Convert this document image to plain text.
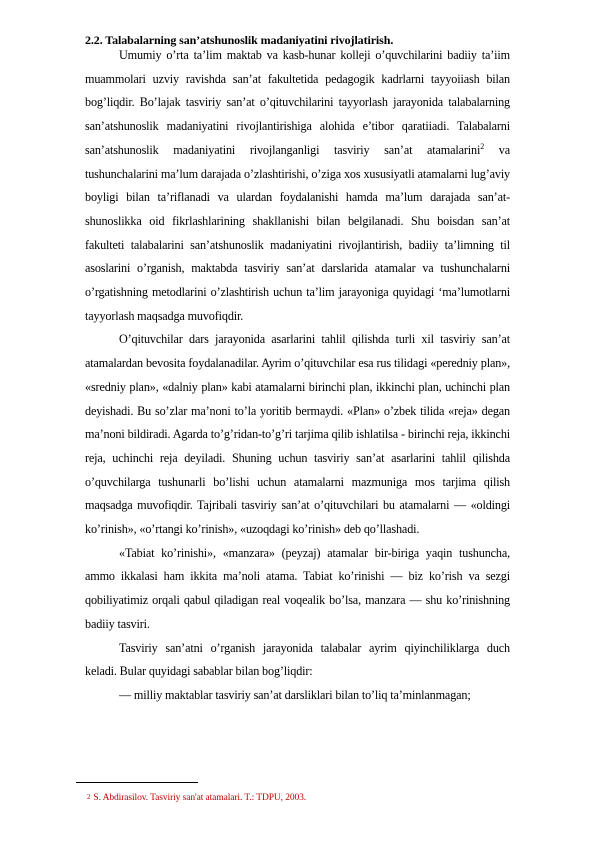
2.2. Talabalarning san’atshunoslik madaniyatini rivojlatirish.

Umumiy o’rta ta’lim maktab va kasb-hunar kolleji o’quvchilarini badiiy ta’iim muammolari uzviy ravishda san’at fakultetida pedagogik kadrlarni tayyoiiash bilan bog’liqdir. Bo’lajak tasviriy san’at o’qituvchilarini tayyorlash jarayonida talabalarning san’atshunoslik madaniyatini rivojlantirishiga alohida e’tibor qaratiiadi. Talabalarni san’atshunoslik madaniyatini rivojlanganligi tasviriy san’at atamalarini$^2$ va tushunchalarini ma’lum darajada o’zlashtirishi, o’ziga xos xususiyatli atamalarni lug’aviy boyligi bilan ta’riflanadi va ulardan foydalanishi hamda ma’lum darajada san’at-shunoslikka oid fikrlashlarining shakllanishi bilan belgilanadi. Shu boisdan san’at fakulteti talabalarini san’atshunoslik madaniyatini rivojlantirish, badiiy ta’limning til asoslarini o’rganish, maktabda tasviriy san’at darslarida atamalar va tushunchalarni o’rgatishning metodlarini o’zlashtirish uchun ta’lim jarayoniga quyidagi ‘ma’lumotlarni tayyorlash maqsadga muvofiqdir.

O’qituvchilar dars jarayonida asarlarini tahlil qilishda turli xil tasviriy san’at atamalardan bevosita foydalanadilar. Ayrim o’qituvchilar esa rus tilidagi «peredniy plan», «sredniy plan», «dalniy plan» kabi atamalarni birinchi plan, ikkinchi plan, uchinchi plan deyishadi. Bu so’zlar ma’noni to’la yoritib bermaydi. «Plan» o’zbek tilida «reja» degan ma’noni bildiradi. Agarda to’g’ridan-to’g’ri tarjima qilib ishlatilsa - birinchi reja, ikkinchi reja, uchinchi reja deyiladi. Shuning uchun tasviriy san’at asarlarini tahlil qilishda o’quvchilarga tushunarli bo’lishi uchun atamalarni mazmuniga mos tarjima qilish maqsadga muvofiqdir. Tajribali tasviriy san’at o’qituvchilari bu atamalarni — «oldingi ko’rinish», «o’rtangi ko’rinish», «uzoqdagi ko’rinish» deb qo’llashadi.

«Tabiat ko’rinishi», «manzara» (peyzaj) atamalar bir-biriga yaqin tushuncha, ammo ikkalasi ham ikkita ma’noli atama. Tabiat ko’rinishi — biz ko’rish va sezgi qobiliyatimiz orqali qabul qiladigan real voqealik bo’lsa, manzara — shu ko’rinishning badiiy tasviri.

Tasviriy san’atni o’rganish jarayonida talabalar ayrim qiyinchiliklarga duch keladi. Bular quyidagi sabablar bilan bog’liqdir:

— milliy maktablar tasviriy san’at darsliklari bilan to’liq ta’minlanmagan;

2 S. Abdirasilov. Tasviriy san'at atamalari. T.: TDPU, 2003.
